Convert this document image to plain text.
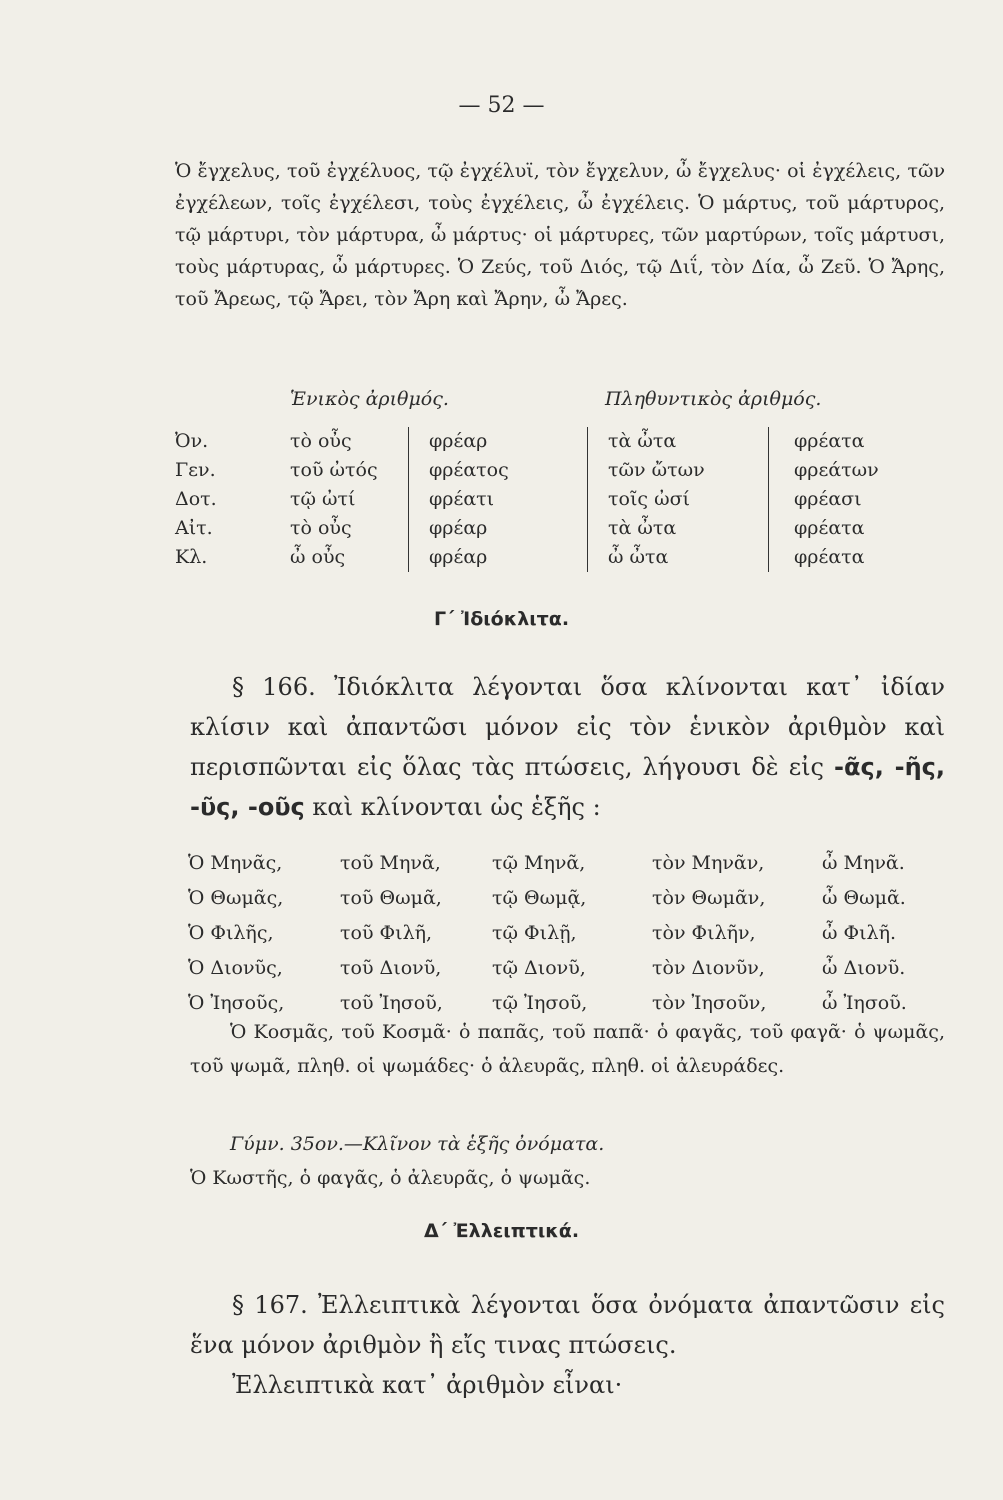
— 52 —

Ὁ ἔγχελυς, τοῦ ἐγχέλυος, τῷ ἐγχέλυϊ, τὸν ἔγχελυν, ὦ ἔγχελυς· οἱ ἐγχέλεις, τῶν ἐγχέλεων, τοῖς ἐγχέλεσι, τοὺς ἐγχέλεις, ὦ ἐγχέλεις. Ὁ μάρτυς, τοῦ μάρτυρος, τῷ μάρτυρι, τὸν μάρτυρα, ὦ μάρτυς· οἱ μάρτυρες, τῶν μαρτύρων, τοῖς μάρτυσι, τοὺς μάρτυρας, ὦ μάρτυρες. Ὁ Ζεύς, τοῦ Διός, τῷ Διΐ, τὸν Δία, ὦ Ζεῦ. Ὁ Ἄρης, τοῦ Ἄρεως, τῷ Ἄρει, τὸν Ἄρη καὶ Ἄρην, ὦ Ἄρες.

Ἑνικὸς ἀριθμός.	Πληθυντικὸς ἀριθμός.
Ὀν.	τὸ οὖς	φρέαρ	τὰ ὦτα	φρέατα
Γεν.	τοῦ ὠτός	φρέατος	τῶν ὤτων	φρεάτων
Δοτ.	τῷ ὠτί	φρέατι	τοῖς ὠσί	φρέασι
Αἰτ.	τὸ οὖς	φρέαρ	τὰ ὦτα	φρέατα
Κλ.	ὦ οὖς	φρέαρ	ὦ ὦτα	φρέατα
Γ΄ Ἰδιόκλιτα.

§ 166. Ἰδιόκλιτα λέγονται ὅσα κλίνονται κατ᾽ ἰδίαν κλίσιν καὶ ἀπαντῶσι μόνον εἰς τὸν ἑνικὸν ἀριθμὸν καὶ περισπῶνται εἰς ὅλας τὰς πτώσεις, λήγουσι δὲ εἰς -ᾶς, -ῆς, -ῦς, -οῦς καὶ κλίνονται ὡς ἑξῆς :

Ὁ Μηνᾶς,	τοῦ Μηνᾶ,	τῷ Μηνᾶ,	τὸν Μηνᾶν,	ὦ Μηνᾶ.
Ὁ Θωμᾶς,	τοῦ Θωμᾶ,	τῷ Θωμᾷ,	τὸν Θωμᾶν,	ὦ Θωμᾶ.
Ὁ Φιλῆς,	τοῦ Φιλῆ,	τῷ Φιλῇ,	τὸν Φιλῆν,	ὦ Φιλῆ.
Ὁ Διονῦς,	τοῦ Διονῦ,	τῷ Διονῦ,	τὸν Διονῦν,	ὦ Διονῦ.
Ὁ Ἰησοῦς,	τοῦ Ἰησοῦ,	τῷ Ἰησοῦ,	τὸν Ἰησοῦν,	ὦ Ἰησοῦ.

Ὁ Κοσμᾶς, τοῦ Κοσμᾶ· ὁ παπᾶς, τοῦ παπᾶ· ὁ φαγᾶς, τοῦ φαγᾶ· ὁ ψωμᾶς, τοῦ ψωμᾶ, πληθ. οἱ ψωμάδες· ὁ ἀλευρᾶς, πληθ. οἱ ἀλευράδες.

Γύμν. 35ον.—Κλῖνον τὰ ἑξῆς ὀνόματα.
Ὁ Κωστῆς, ὁ φαγᾶς, ὁ ἀλευρᾶς, ὁ ψωμᾶς.

Δ΄ Ἐλλειπτικά.

§ 167. Ἐλλειπτικὰ λέγονται ὅσα ὀνόματα ἀπαντῶσιν εἰς ἕνα μόνον ἀριθμὸν ἢ εἴς τινας πτώσεις.

Ἐλλειπτικὰ κατ᾽ ἀριθμὸν εἶναι·
